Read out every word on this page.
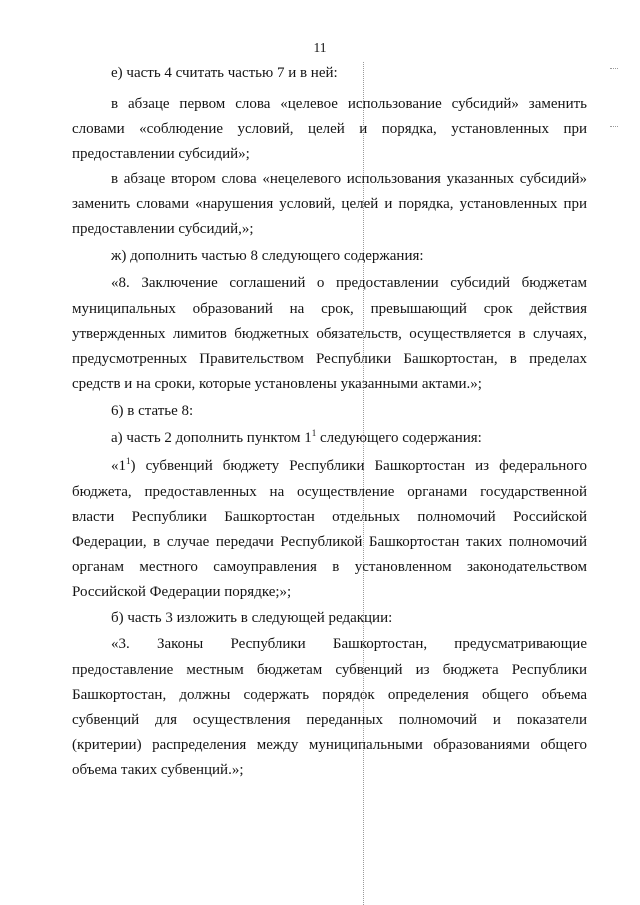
11
е) часть 4 считать частью 7 и в ней:
в абзаце первом слова «целевое использование субсидий» заменить
словами «соблюдение условий, целей и порядка, установленных при
предоставлении субсидий»;
в абзаце втором слова «нецелевого использования указанных субсидий»
заменить словами «нарушения условий, целей и порядка, установленных при
предоставлении субсидий,»;
ж) дополнить частью 8 следующего содержания:
«8. Заключение соглашений о предоставлении субсидий бюджетам
муниципальных образований на срок, превышающий срок действия
утвержденных лимитов бюджетных обязательств, осуществляется в случаях,
предусмотренных Правительством Республики Башкортостан, в пределах
средств и на сроки, которые установлены указанными актами.»;
6) в статье 8:
а) часть 2 дополнить пунктом $1^1$ следующего содержания:
«$1^1$) субвенций бюджету Республики Башкортостан из федерального
бюджета, предоставленных на осуществление органами государственной
власти Республики Башкортостан отдельных полномочий Российской
Федерации, в случае передачи Республикой Башкортостан таких полномочий
органам местного самоуправления в установленном законодательством
Российской Федерации порядке;»;
б) часть 3 изложить в следующей редакции:
«3. Законы Республики Башкортостан, предусматривающие
предоставление местным бюджетам субвенций из бюджета Республики
Башкортостан, должны содержать порядок определения общего объема
субвенций для осуществления переданных полномочий и показатели
(критерии) распределения между муниципальными образованиями общего
объема таких субвенций.»;
